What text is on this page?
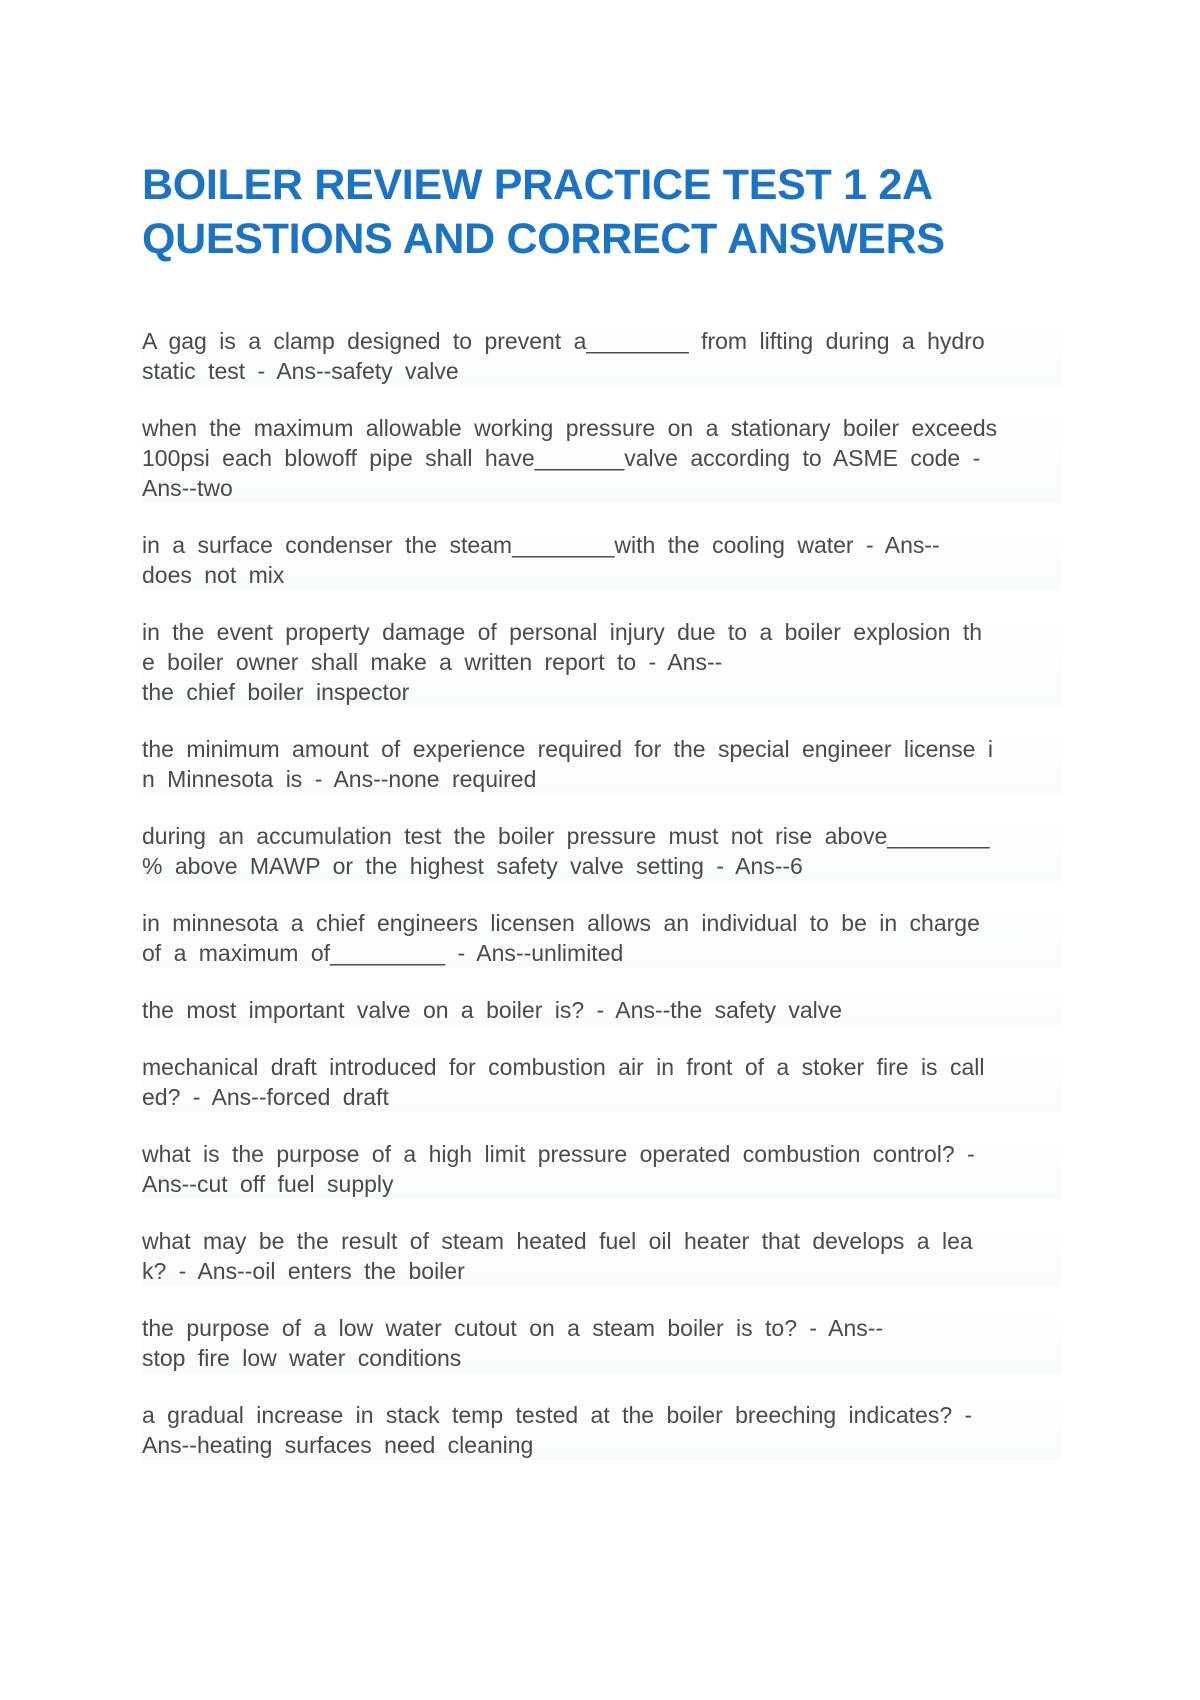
BOILER REVIEW PRACTICE TEST 1 2A
QUESTIONS AND CORRECT ANSWERS

A gag is a clamp designed to prevent a________ from lifting during a hydro
static test - Ans--safety valve

when the maximum allowable working pressure on a stationary boiler exceeds
100psi each blowoff pipe shall have_______valve according to ASME code -
Ans--two

in a surface condenser the steam________with the cooling water - Ans--
does not mix

in the event property damage of personal injury due to a boiler explosion th
e boiler owner shall make a written report to - Ans--
the chief boiler inspector

the minimum amount of experience required for the special engineer license i
n Minnesota is - Ans--none required

during an accumulation test the boiler pressure must not rise above________
% above MAWP or the highest safety valve setting - Ans--6

in minnesota a chief engineers licensen allows an individual to be in charge
of a maximum of_________ - Ans--unlimited

the most important valve on a boiler is? - Ans--the safety valve

mechanical draft introduced for combustion air in front of a stoker fire is call
ed? - Ans--forced draft

what is the purpose of a high limit pressure operated combustion control? -
Ans--cut off fuel supply

what may be the result of steam heated fuel oil heater that develops a lea
k? - Ans--oil enters the boiler

the purpose of a low water cutout on a steam boiler is to? - Ans--
stop fire low water conditions

a gradual increase in stack temp tested at the boiler breeching indicates? -
Ans--heating surfaces need cleaning
